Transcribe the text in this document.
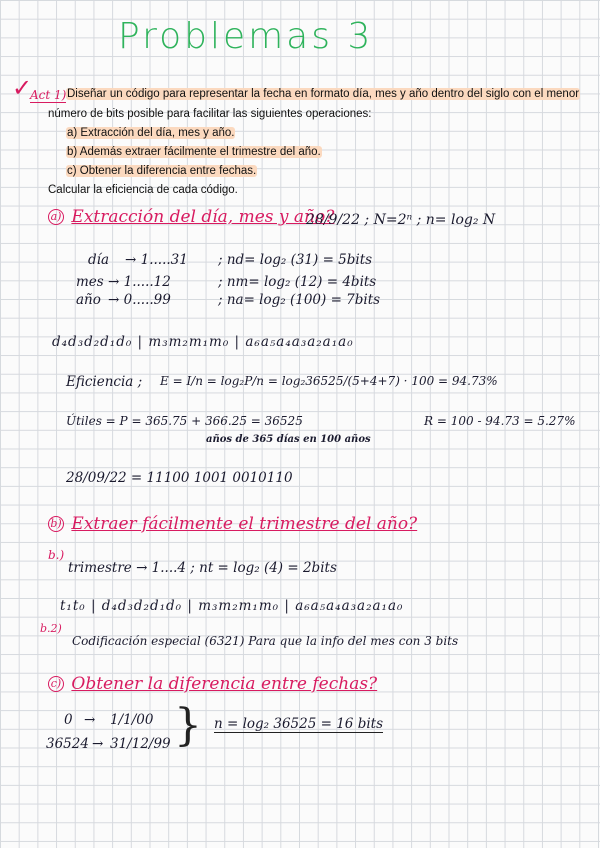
Problemas 3
✓
Act 1) Diseñar un código para representar la fecha en formato día, mes y año dentro del siglo con el menor
número de bits posible para facilitar las siguientes operaciones:
a) Extracción del día, mes y año.
b) Además extraer fácilmente el trimestre del año.
c) Obtener la diferencia entre fechas.
Calcular la eficiencia de cada código.
a) Extracción del día, mes y año?
28/9/22 ; N=2ⁿ ; n= log₂ N
día → 1.....31 ; nd= log₂ (31) = 5bits
mes → 1.....12	; nm= log₂ (12) = 4bits
año → 0.....99	; na= log₂ (100) = 7bits
d₄d₃d₂d₁d₀ | m₃m₂m₁m₀ | a₆a₅a₄a₃a₂a₁a₀
Eficiencia ; E = I/n = log₂P/n = log₂36525/(5+4+7) · 100 = 94.73%
Útiles = P = 365.75 + 366.25 = 36525	R = 100 - 94.73 = 5.27%
años de 365 días en 100 años
28/09/22 = 11100 1001 0010110
b) Extraer fácilmente el trimestre del año?
b.)
trimestre → 1....4 ; nt = log₂ (4) = 2bits
t₁t₀ | d₄d₃d₂d₁d₀ | m₃m₂m₁m₀ | a₆a₅a₄a₃a₂a₁a₀
b.2)
Codificación especial (6321) Para que la info del mes con 3 bits
c) Obtener la diferencia entre fechas?
0 → 1/1/00
36524 → 31/12/99 } n = log₂ 36525 = 16 bits
